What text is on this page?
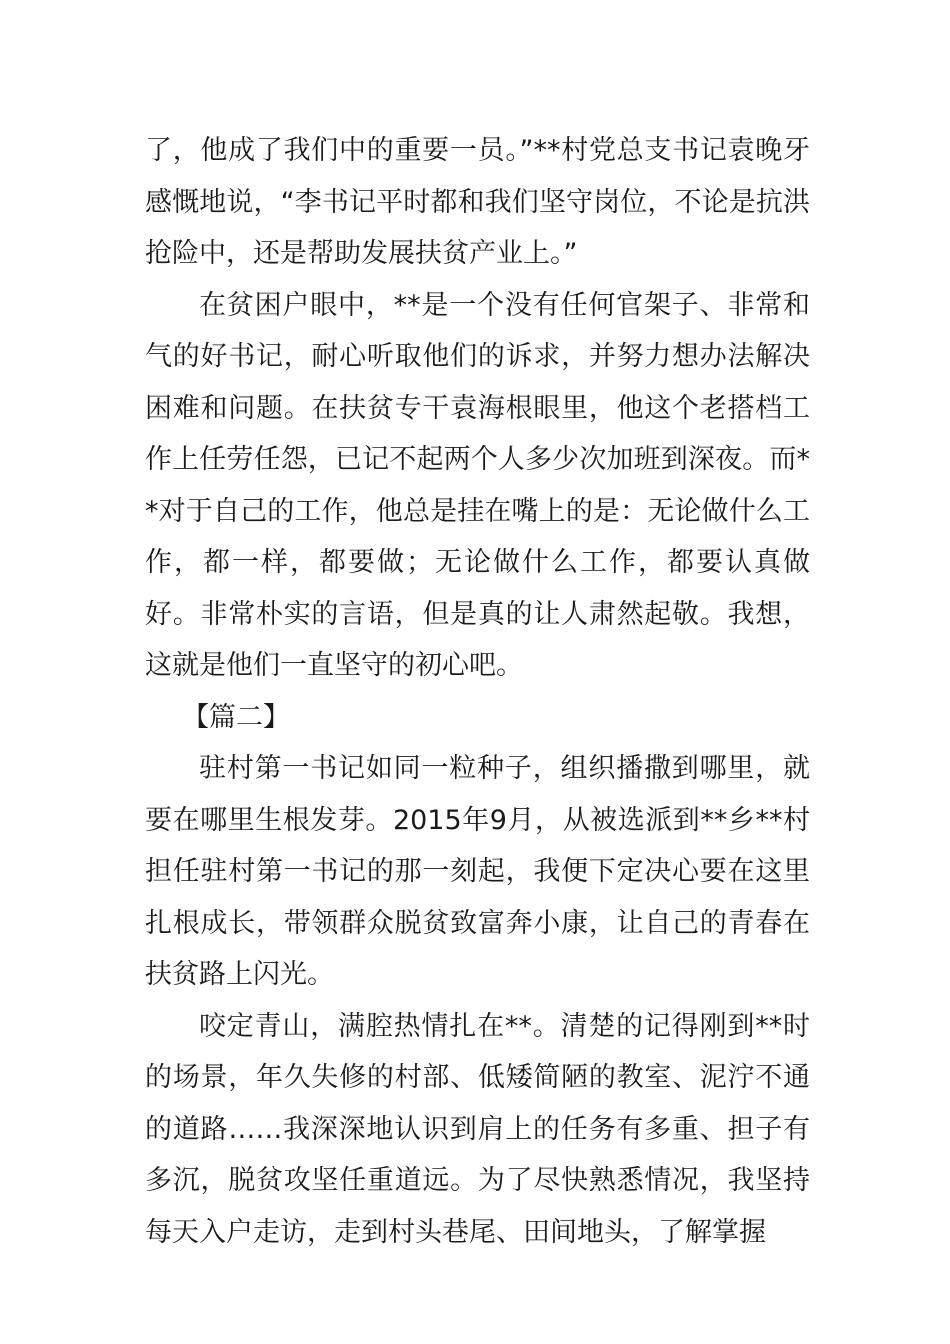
了，他成了我们中的重要一员。”**村党总支书记袁晚牙感慨地说，“李书记平时都和我们坚守岗位，不论是抗洪抢险中，还是帮助发展扶贫产业上。”

在贫困户眼中，**是一个没有任何官架子、非常和气的好书记，耐心听取他们的诉求，并努力想办法解决困难和问题。在扶贫专干袁海根眼里，他这个老搭档工作上任劳任怨，已记不起两个人多少次加班到深夜。而**对于自己的工作，他总是挂在嘴上的是：无论做什么工作，都一样，都要做；无论做什么工作，都要认真做好。非常朴实的言语，但是真的让人肃然起敬。我想，这就是他们一直坚守的初心吧。

【篇二】

驻村第一书记如同一粒种子，组织播撒到哪里，就要在哪里生根发芽。2015年9月，从被选派到**乡**村担任驻村第一书记的那一刻起，我便下定决心要在这里扎根成长，带领群众脱贫致富奔小康，让自己的青春在扶贫路上闪光。

咬定青山，满腔热情扎在**。清楚的记得刚到**时的场景，年久失修的村部、低矮简陋的教室、泥泞不通的道路……我深深地认识到肩上的任务有多重、担子有多沉，脱贫攻坚任重道远。为了尽快熟悉情况，我坚持每天入户走访，走到村头巷尾、田间地头，了解掌握
